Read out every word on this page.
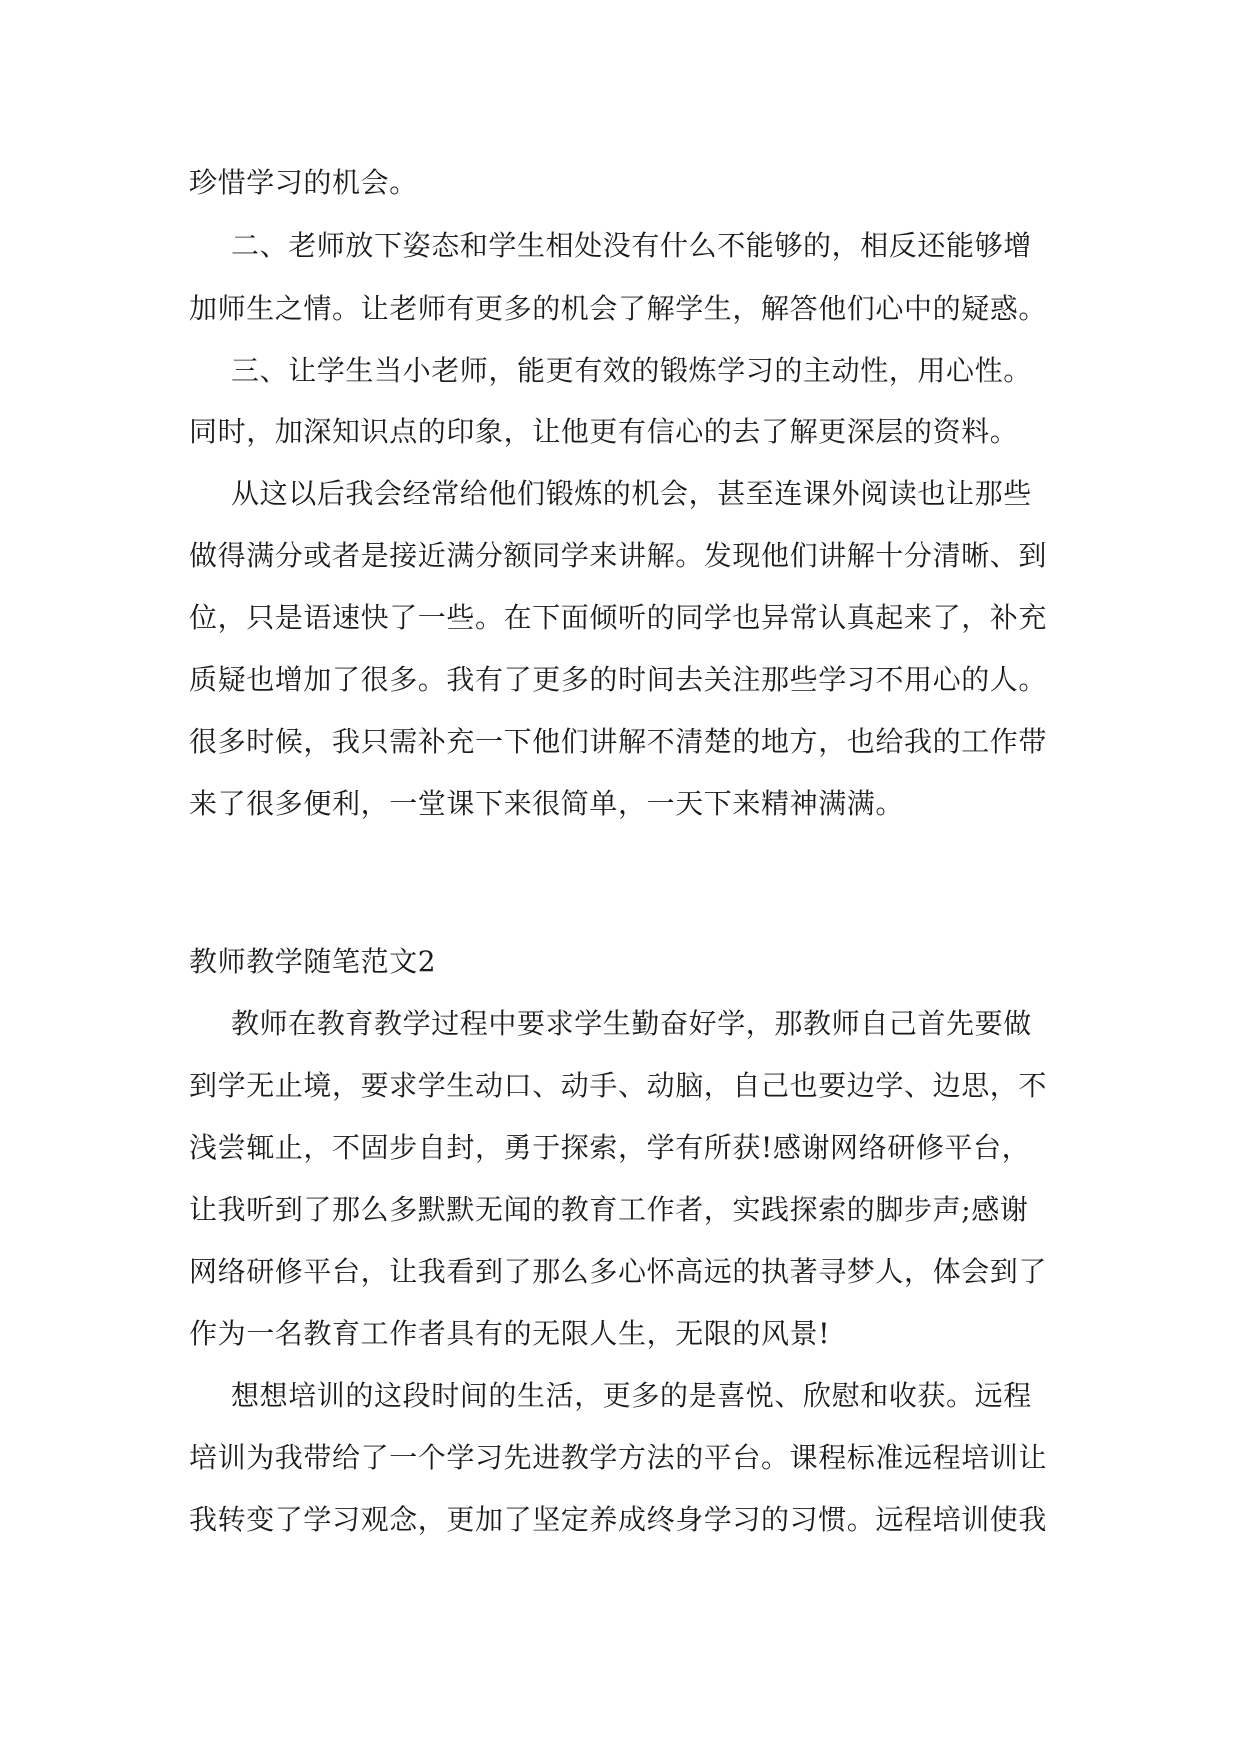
珍惜学习的机会。
二、老师放下姿态和学生相处没有什么不能够的，相反还能够增
加师生之情。让老师有更多的机会了解学生，解答他们心中的疑惑。
三、让学生当小老师，能更有效的锻炼学习的主动性，用心性。
同时，加深知识点的印象，让他更有信心的去了解更深层的资料。
从这以后我会经常给他们锻炼的机会，甚至连课外阅读也让那些
做得满分或者是接近满分额同学来讲解。发现他们讲解十分清晰、到
位，只是语速快了一些。在下面倾听的同学也异常认真起来了，补充
质疑也增加了很多。我有了更多的时间去关注那些学习不用心的人。
很多时候，我只需补充一下他们讲解不清楚的地方，也给我的工作带
来了很多便利，一堂课下来很简单，一天下来精神满满。
教师教学随笔范文2
教师在教育教学过程中要求学生勤奋好学，那教师自己首先要做
到学无止境，要求学生动口、动手、动脑，自己也要边学、边思，不
浅尝辄止，不固步自封，勇于探索，学有所获!感谢网络研修平台，
让我听到了那么多默默无闻的教育工作者，实践探索的脚步声;感谢
网络研修平台，让我看到了那么多心怀高远的执著寻梦人，体会到了
作为一名教育工作者具有的无限人生，无限的风景!
想想培训的这段时间的生活，更多的是喜悦、欣慰和收获。远程
培训为我带给了一个学习先进教学方法的平台。课程标准远程培训让
我转变了学习观念，更加了坚定养成终身学习的习惯。远程培训使我
